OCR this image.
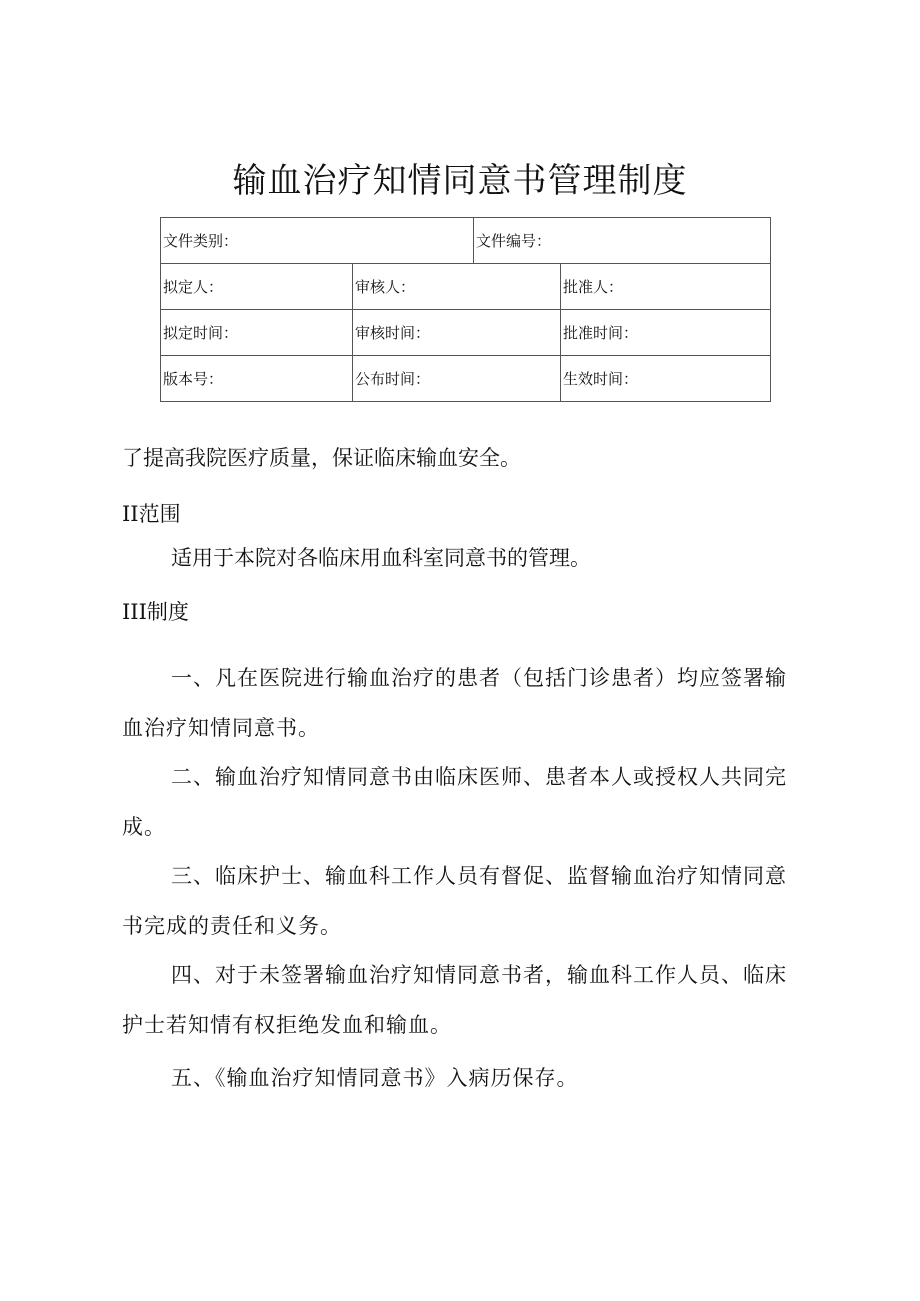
输血治疗知情同意书管理制度
文件类别：		文件编号：	
拟定人：	审核人：		批准人：
拟定时间：	审核时间：		批准时间：
版本号：	公布时间：		生效时间：
了提高我院医疗质量，保证临床输血安全。
II范围
适用于本院对各临床用血科室同意书的管理。
III制度
一、凡在医院进行输血治疗的患者（包括门诊患者）均应签署输血治疗知情同意书。
二、输血治疗知情同意书由临床医师、患者本人或授权人共同完成。
三、临床护士、输血科工作人员有督促、监督输血治疗知情同意书完成的责任和义务。
四、对于未签署输血治疗知情同意书者，输血科工作人员、临床护士若知情有权拒绝发血和输血。
五、《输血治疗知情同意书》入病历保存。
